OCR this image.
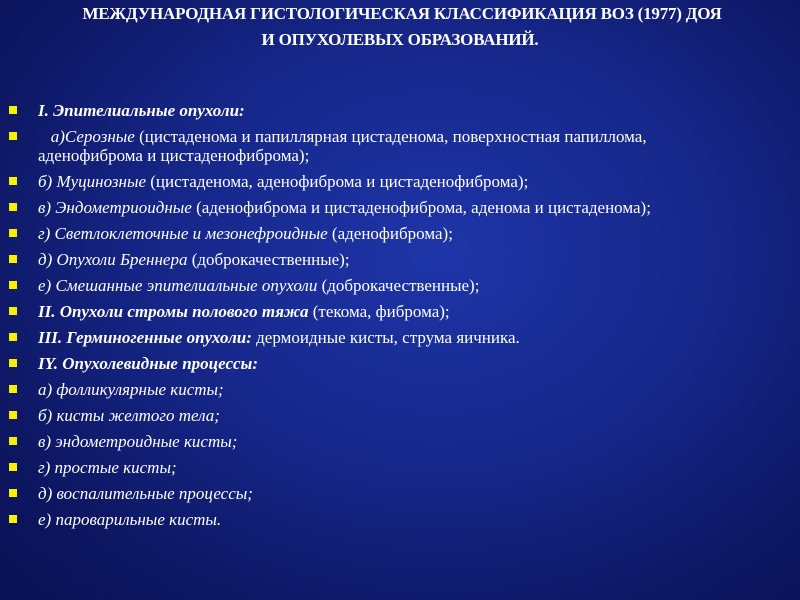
МЕЖДУНАРОДНАЯ ГИСТОЛОГИЧЕСКАЯ КЛАССИФИКАЦИЯ ВОЗ (1977) ДОЯ
И ОПУХОЛЕВЫХ ОБРАЗОВАНИЙ.
I. Эпителиальные опухоли:
а)Серозные (цистаденома и папиллярная цистаденома, поверхностная папиллома, аденофиброма и цистаденофиброма);
б) Муцинозные (цистаденома, аденофиброма и цистаденофиброма);
в) Эндометриоидные (аденофиброма и цистаденофиброма, аденома и цистаденома);
г) Светлоклеточные и мезонефроидные (аденофиброма);
д) Опухоли Бреннера (доброкачественные);
е) Смешанные эпителиальные опухоли (доброкачественные);
II. Опухоли стромы полового тяжа (текома, фиброма);
III. Герминогенные опухоли: дермоидные кисты, струма яичника.
IY. Опухолевидные процессы:
а) фолликулярные кисты;
б) кисты желтого тела;
в) эндометроидные кисты;
г) простые кисты;
д) воспалительные процессы;
е) пароварильные кисты.
